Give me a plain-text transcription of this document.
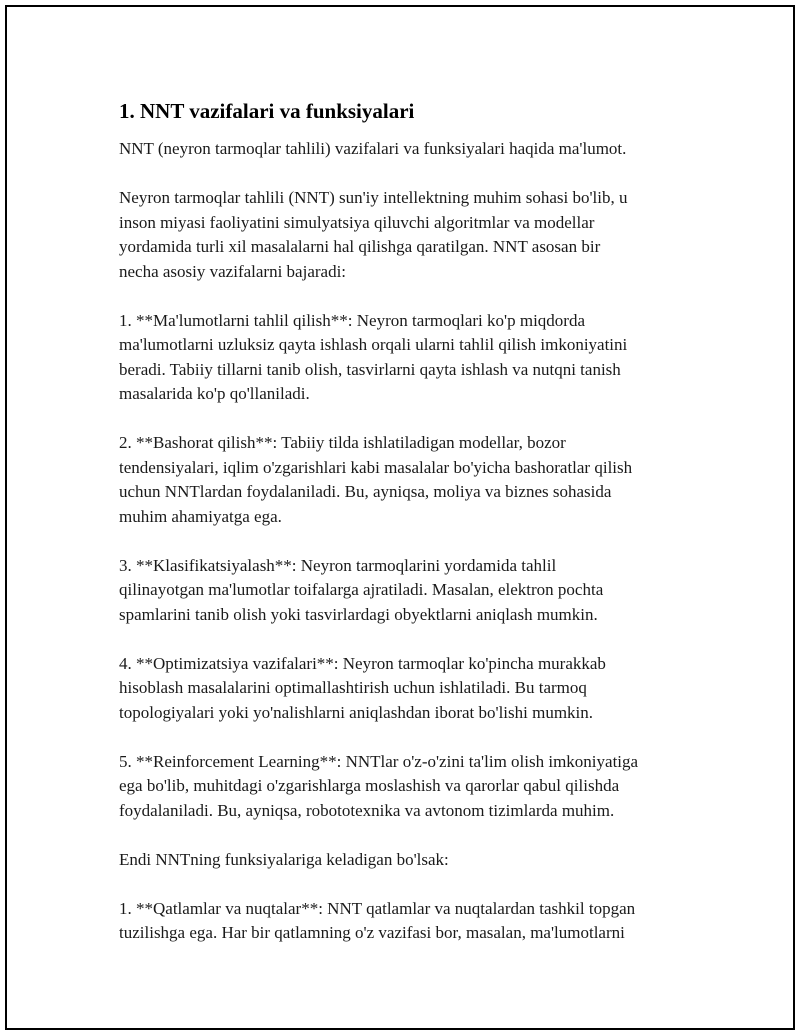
1. NNT vazifalari va funksiyalari
NNT (neyron tarmoqlar tahlili) vazifalari va funksiyalari haqida ma'lumot.
Neyron tarmoqlar tahlili (NNT) sun'iy intellektning muhim sohasi bo'lib, u
inson miyasi faoliyatini simulyatsiya qiluvchi algoritmlar va modellar
yordamida turli xil masalalarni hal qilishga qaratilgan. NNT asosan bir
necha asosiy vazifalarni bajaradi:
1. **Ma'lumotlarni tahlil qilish**: Neyron tarmoqlari ko'p miqdorda
ma'lumotlarni uzluksiz qayta ishlash orqali ularni tahlil qilish imkoniyatini
beradi. Tabiiy tillarni tanib olish, tasvirlarni qayta ishlash va nutqni tanish
masalarida ko'p qo'llaniladi.
2. **Bashorat qilish**: Tabiiy tilda ishlatiladigan modellar, bozor
tendensiyalari, iqlim o'zgarishlari kabi masalalar bo'yicha bashoratlar qilish
uchun NNTlardan foydalaniladi. Bu, ayniqsa, moliya va biznes sohasida
muhim ahamiyatga ega.
3. **Klasifikatsiyalash**: Neyron tarmoqlarini yordamida tahlil
qilinayotgan ma'lumotlar toifalarga ajratiladi. Masalan, elektron pochta
spamlarini tanib olish yoki tasvirlardagi obyektlarni aniqlash mumkin.
4. **Optimizatsiya vazifalari**: Neyron tarmoqlar ko'pincha murakkab
hisoblash masalalarini optimallashtirish uchun ishlatiladi. Bu tarmoq
topologiyalari yoki yo'nalishlarni aniqlashdan iborat bo'lishi mumkin.
5. **Reinforcement Learning**: NNTlar o'z-o'zini ta'lim olish imkoniyatiga
ega bo'lib, muhitdagi o'zgarishlarga moslashish va qarorlar qabul qilishda
foydalaniladi. Bu, ayniqsa, robototexnika va avtonom tizimlarda muhim.
Endi NNTning funksiyalariga keladigan bo'lsak:
1. **Qatlamlar va nuqtalar**: NNT qatlamlar va nuqtalardan tashkil topgan
tuzilishga ega. Har bir qatlamning o'z vazifasi bor, masalan, ma'lumotlarni
